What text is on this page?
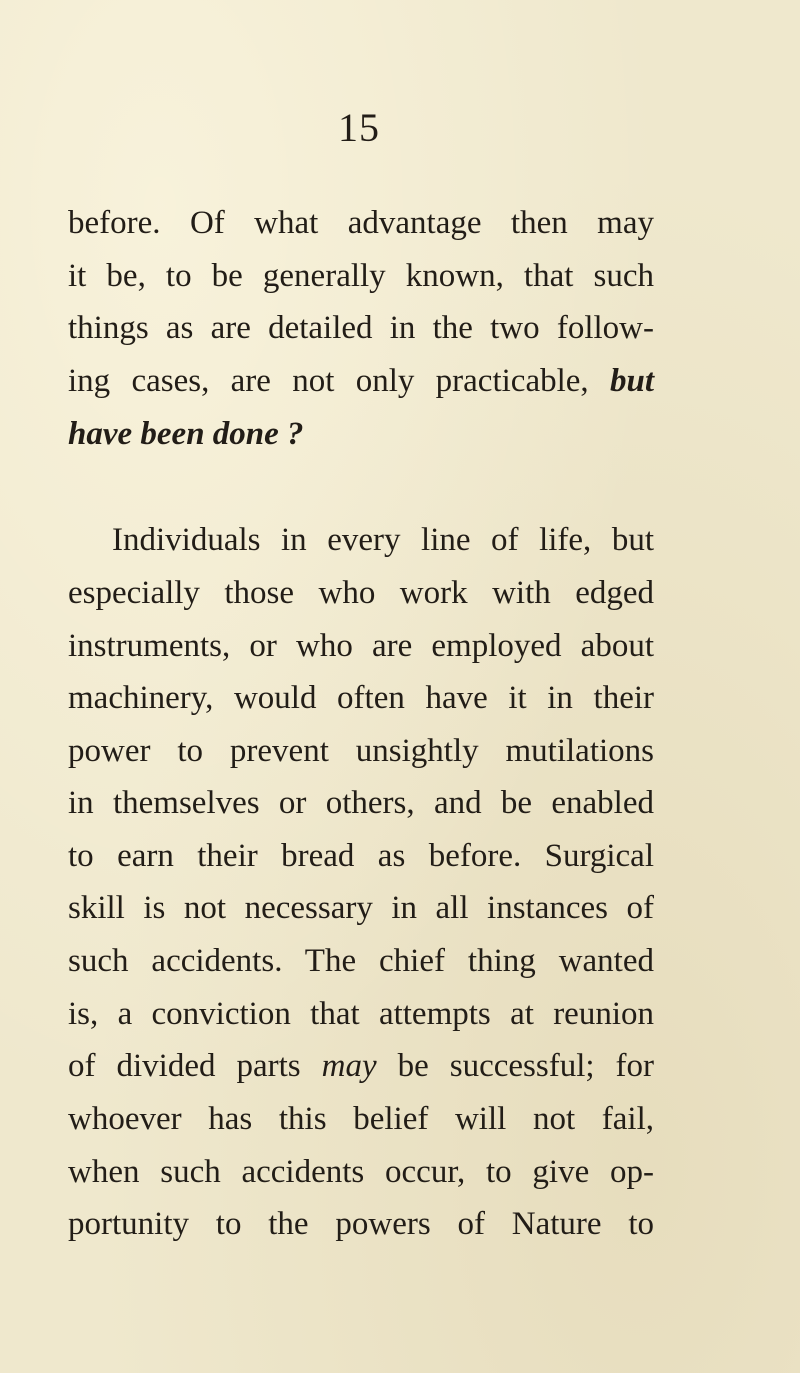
15
before. Of what advantage then may
it be, to be generally known, that such
things as are detailed in the two follow-
ing cases, are not only practicable, but
have been done ?
Individuals in every line of life, but
especially those who work with edged
instruments, or who are employed about
machinery, would often have it in their
power to prevent unsightly mutilations
in themselves or others, and be enabled
to earn their bread as before. Surgical
skill is not necessary in all instances of
such accidents. The chief thing wanted
is, a conviction that attempts at reunion
of divided parts may be successful; for
whoever has this belief will not fail,
when such accidents occur, to give op-
portunity to the powers of Nature to
